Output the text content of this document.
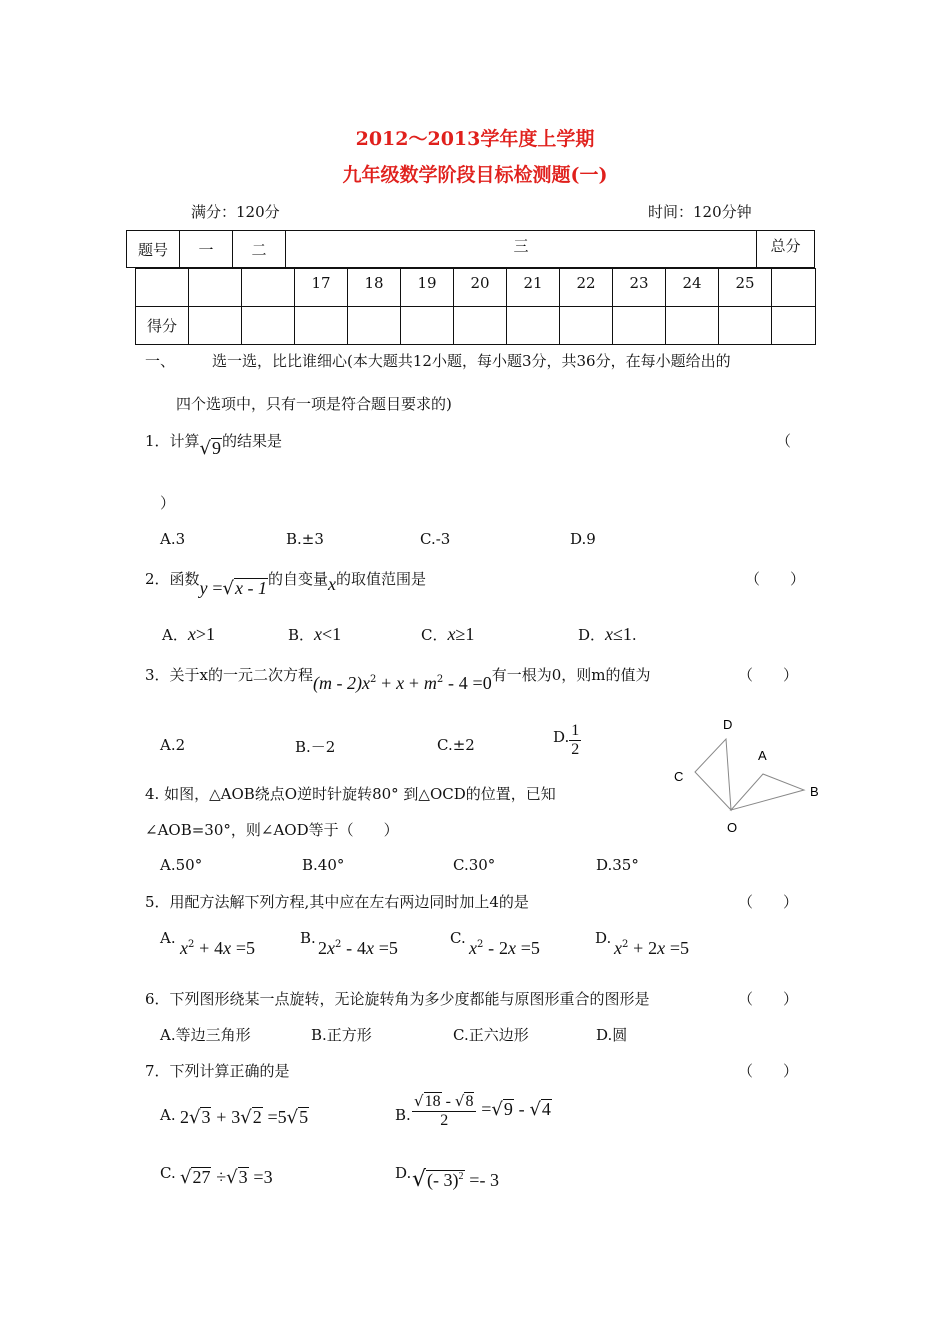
2012～2013学年度上学期
九年级数学阶段目标检测题(一)
满分：120分	时间：120分钟
题号	一	二	三	总分
			17	18	19	20	21	22	23	24	25	
得分												
一、 选一选，比比谁细心(本大题共12小题，每小题3分，共36分，在每小题给出的
四个选项中，只有一项是符合题目要求的)
1．计算√9的结果是	（
）
A.3	B.±3	C.-3	D.9
2．函数y =√x - 1的自变量x的取值范围是	（　　）
A．x>1	B．x<1	C．x≥1	D．x≤1.
3．关于x的一元二次方程$(m - 2)x^2 + x + m^2 - 4 =0$有一根为0，则m的值为	（　　）
A.2	B.－2	C.±2	D. $\frac{1}{2}$	D
A
C
B
O
4. 如图，△AOB绕点O逆时针旋转80° 到△OCD的位置，已知
∠AOB=30°，则∠AOD等于（　　）
A.50°	B.40°	C.30°	D.35°
5．用配方法解下列方程,其中应在左右两边同时加上4的是	（　　）
A. $x^2 + 4x =5$	B. $2x^2 - 4x =5$	C. $x^2 - 2x =5$	D. $x^2 + 2x =5$
6．下列图形绕某一点旋转，无论旋转角为多少度都能与原图形重合的图形是	（　　）
A.等边三角形	B.正方形	C.正六边形	D.圆
7．下列计算正确的是	（　　）
A. 2√3 + 3√2 =5√5	B. $\frac{√18 - √8}{2} =√9 - √4$
C. √27 ÷√3 =3	D. √(- 3)$^2$ =- 3
